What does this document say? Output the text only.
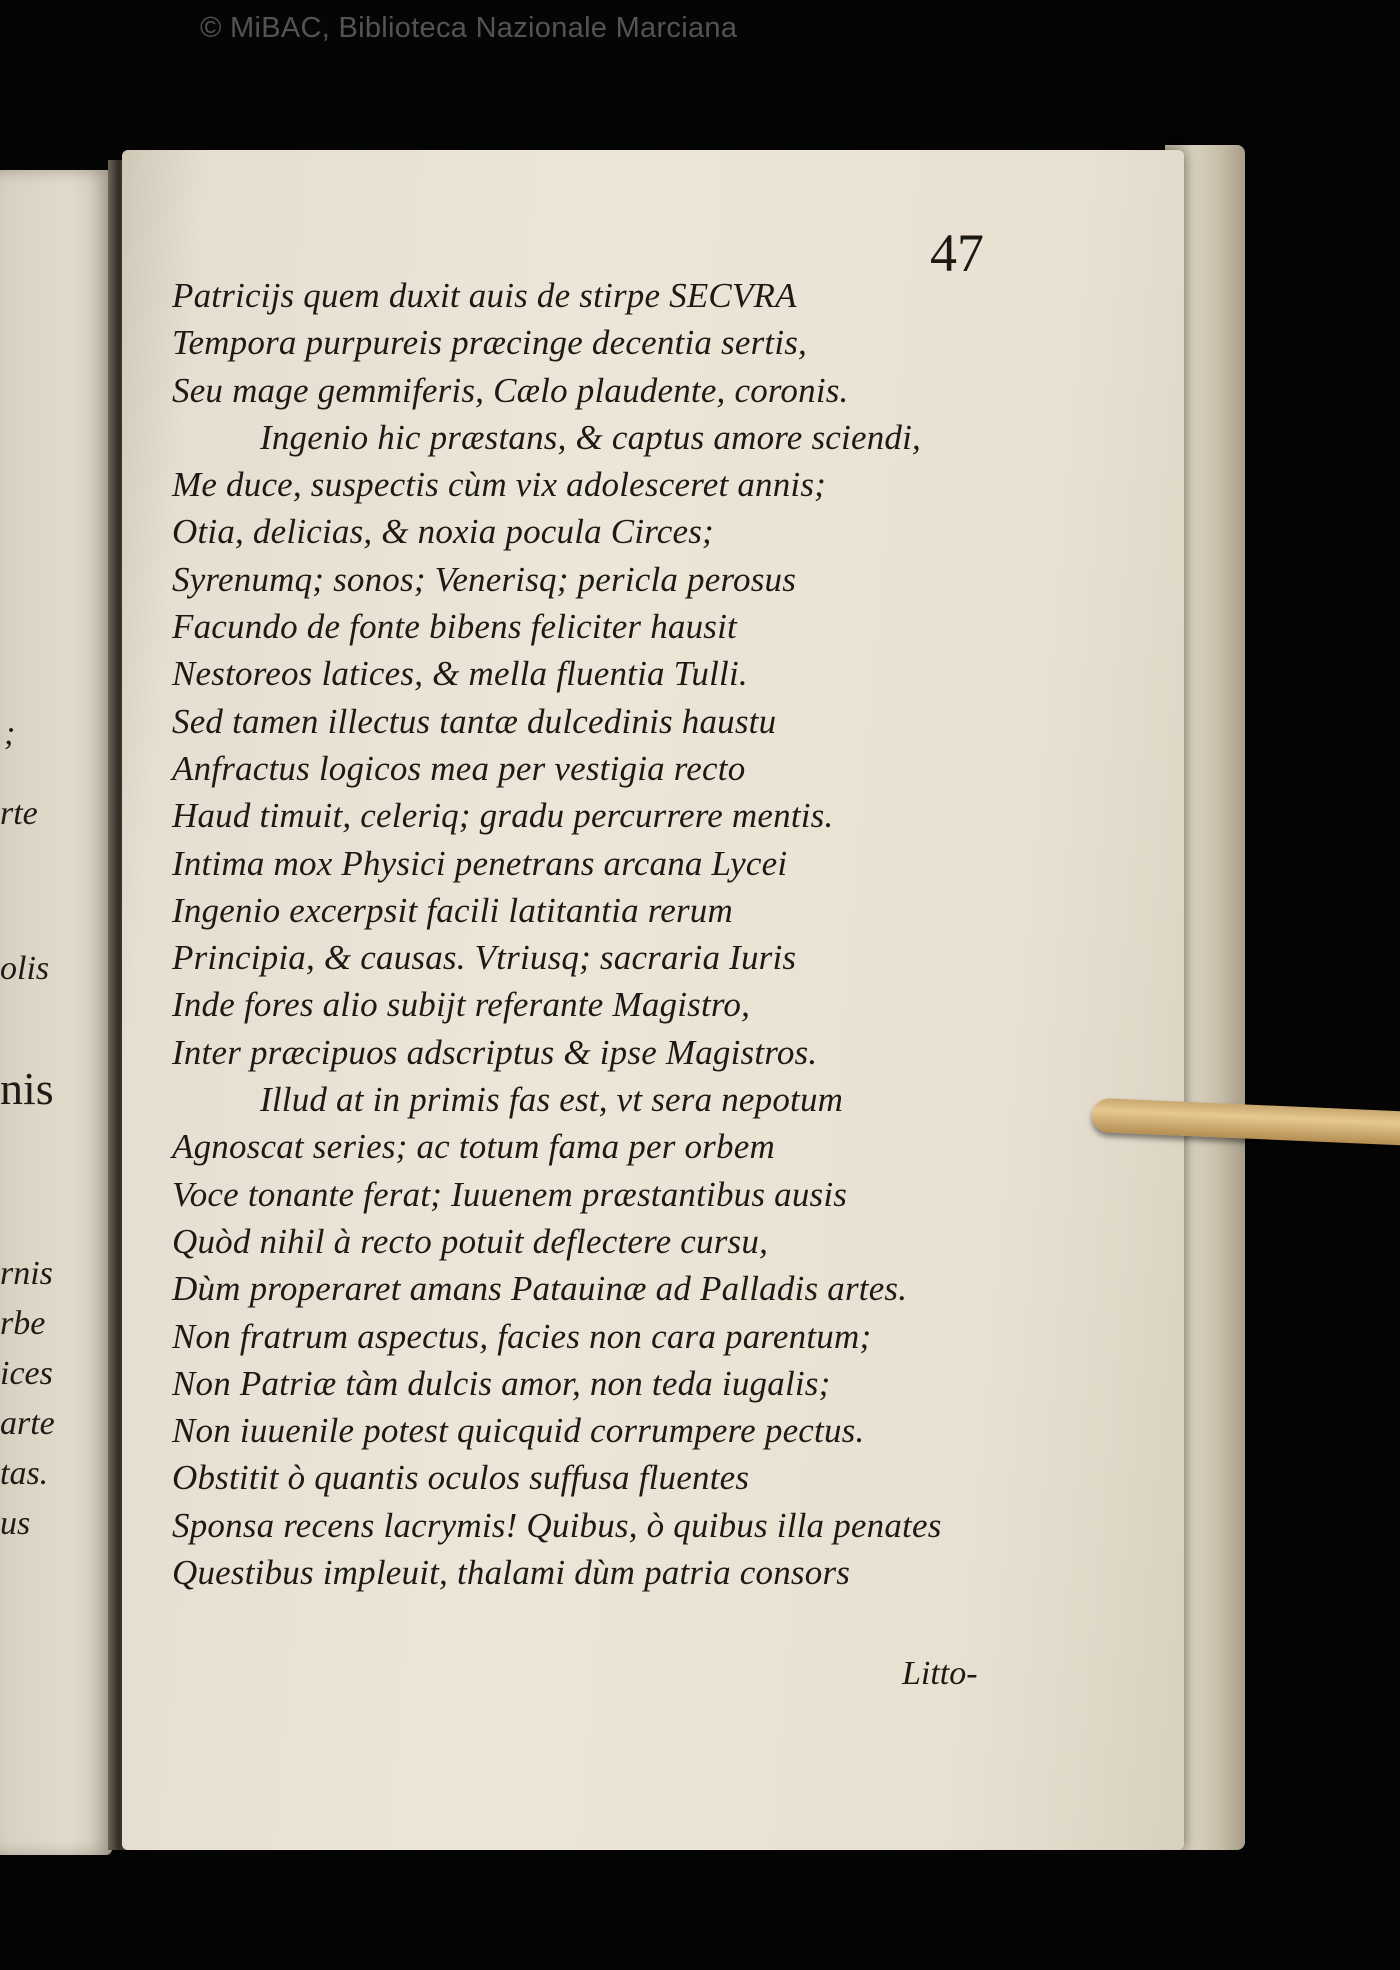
© MiBAC, Biblioteca Nazionale Marciana
;
rte
olis
nis
rnis
rbe
ices
arte
tas.
us
47
Patricijs quem duxit auis de stirpe SECVRA
Tempora purpureis præcinge decentia sertis,
Seu mage gemmiferis, Cælo plaudente, coronis.
Ingenio hic præstans, & captus amore sciendi,
Me duce, suspectis cùm vix adolesceret annis;
Otia, delicias, & noxia pocula Circes;
Syrenumq; sonos; Venerisq; pericla perosus
Facundo de fonte bibens feliciter hausit
Nestoreos latices, & mella fluentia Tulli.
Sed tamen illectus tantæ dulcedinis haustu
Anfractus logicos mea per vestigia recto
Haud timuit, celeriq; gradu percurrere mentis.
Intima mox Physici penetrans arcana Lycei
Ingenio excerpsit facili latitantia rerum
Principia, & causas. Vtriusq; sacraria Iuris
Inde fores alio subijt referante Magistro,
Inter præcipuos adscriptus & ipse Magistros.
Illud at in primis fas est, vt sera nepotum
Agnoscat series; ac totum fama per orbem
Voce tonante ferat; Iuuenem præstantibus ausis
Quòd nihil à recto potuit deflectere cursu,
Dùm properaret amans Patauinæ ad Palladis artes.
Non fratrum aspectus, facies non cara parentum;
Non Patriæ tàm dulcis amor, non teda iugalis;
Non iuuenile potest quicquid corrumpere pectus.
Obstitit ò quantis oculos suffusa fluentes
Sponsa recens lacrymis! Quibus, ò quibus illa penates
Questibus impleuit, thalami dùm patria consors
Litto-
